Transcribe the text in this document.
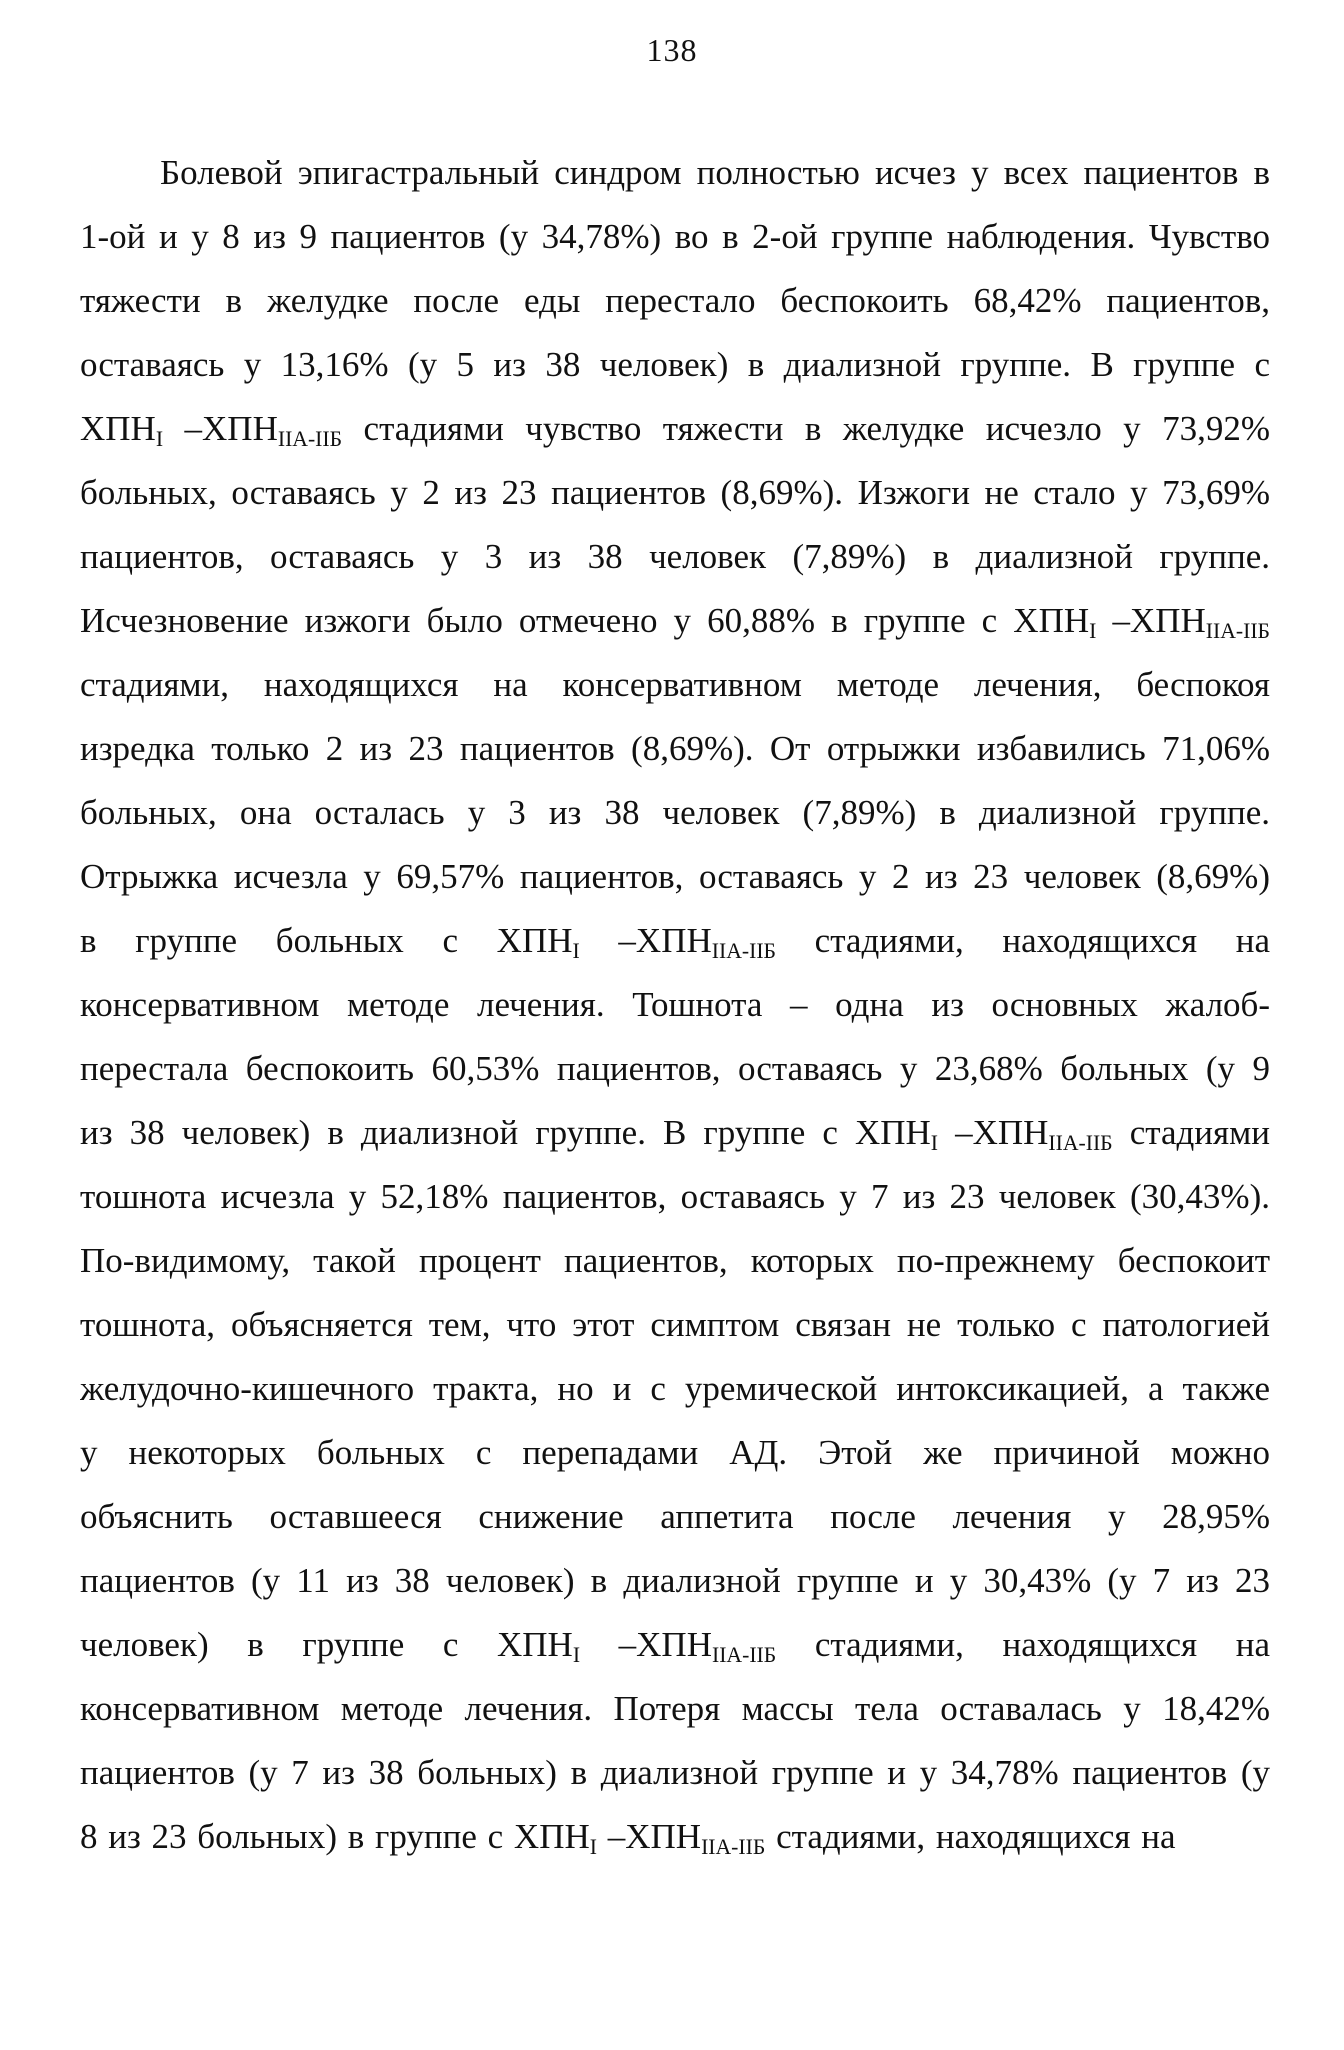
138
Болевой эпигастральный синдром полностью исчез у всех пациентов в
1-ой и у 8 из 9 пациентов (у 34,78%) во в 2-ой группе наблюдения. Чувство
тяжести в желудке после еды перестало беспокоить 68,42% пациентов,
оставаясь у 13,16% (у 5 из 38 человек) в диализной группе. В группе с
$ХПН_I$ $-ХПН_{IIА-IIБ}$ стадиями чувство тяжести в желудке исчезло у 73,92%
больных, оставаясь у 2 из 23 пациентов (8,69%). Изжоги не стало у 73,69%
пациентов, оставаясь у 3 из 38 человек (7,89%) в диализной группе.
Исчезновение изжоги было отмечено у 60,88% в группе с $ХПН_I$ $-ХПН_{IIА-IIБ}$
стадиями, находящихся на консервативном методе лечения, беспокоя
изредка только 2 из 23 пациентов (8,69%). От отрыжки избавились 71,06%
больных, она осталась у 3 из 38 человек (7,89%) в диализной группе.
Отрыжка исчезла у 69,57% пациентов, оставаясь у 2 из 23 человек (8,69%)
в группе больных с $ХПН_I$ $-ХПН_{IIА-IIБ}$ стадиями, находящихся на
консервативном методе лечения. Тошнота – одна из основных жалоб-
перестала беспокоить 60,53% пациентов, оставаясь у 23,68% больных (у 9
из 38 человек) в диализной группе. В группе с $ХПН_I$ $-ХПН_{IIА-IIБ}$ стадиями
тошнота исчезла у 52,18% пациентов, оставаясь у 7 из 23 человек (30,43%).
По-видимому, такой процент пациентов, которых по-прежнему беспокоит
тошнота, объясняется тем, что этот симптом связан не только с патологией
желудочно-кишечного тракта, но и с уремической интоксикацией, а также
у некоторых больных с перепадами АД. Этой же причиной можно
объяснить оставшееся снижение аппетита после лечения у 28,95%
пациентов (у 11 из 38 человек) в диализной группе и у 30,43% (у 7 из 23
человек) в группе с $ХПН_I$ $-ХПН_{IIА-IIБ}$ стадиями, находящихся на
консервативном методе лечения. Потеря массы тела оставалась у 18,42%
пациентов (у 7 из 38 больных) в диализной группе и у 34,78% пациентов (у
8 из 23 больных) в группе с $ХПН_I$ $-ХПН_{IIА-IIБ}$ стадиями, находящихся на
